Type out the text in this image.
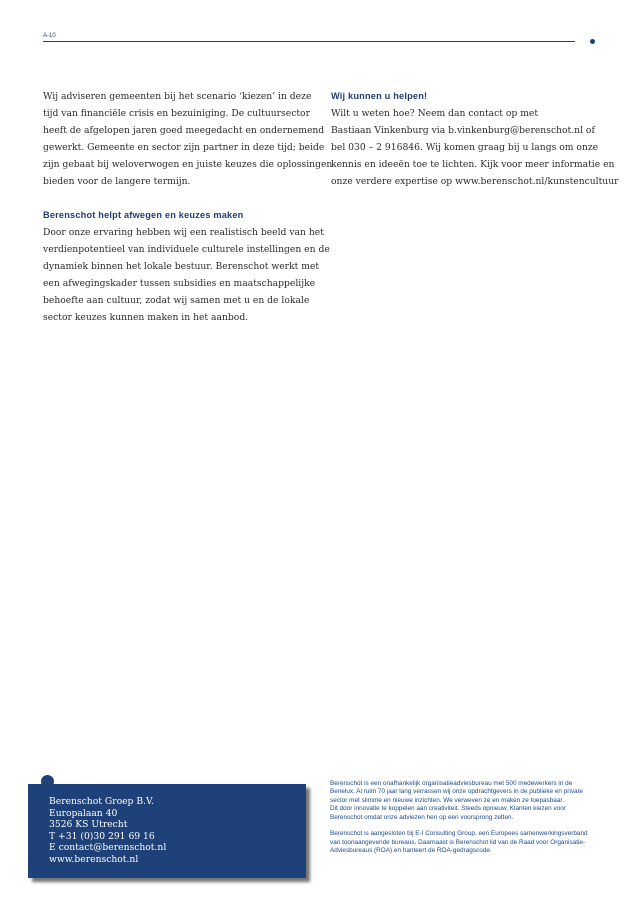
A-10
Wij adviseren gemeenten bij het scenario ‘kiezen’ in deze
tijd van financiële crisis en bezuiniging. De cultuursector
heeft de afgelopen jaren goed meegedacht en ondernemend
gewerkt. Gemeente en sector zijn partner in deze tijd; beide
zijn gebaat bij weloverwogen en juiste keuzes die oplossingen
bieden voor de langere termijn.
Berenschot helpt afwegen en keuzes maken
Door onze ervaring hebben wij een realistisch beeld van het
verdienpotentieel van individuele culturele instellingen en de
dynamiek binnen het lokale bestuur. Berenschot werkt met
een afwegingskader tussen subsidies en maatschappelijke
behoefte aan cultuur, zodat wij samen met u en de lokale
sector keuzes kunnen maken in het aanbod.
Wij kunnen u helpen!
Wilt u weten hoe? Neem dan contact op met
Bastiaan Vinkenburg via b.vinkenburg@berenschot.nl of
bel 030 – 2 916846. Wij komen graag bij u langs om onze
kennis en ideeën toe te lichten. Kijk voor meer informatie en
onze verdere expertise op www.berenschot.nl/kunstencultuur
Berenschot Groep B.V.
Europalaan 40
3526 KS Utrecht
T +31 (0)30 291 69 16
E contact@berenschot.nl
www.berenschot.nl
Berenschot is een onafhankelijk organisatieadviesbureau met 500 medewerkers in de
Benelux. Al ruim 70 jaar lang verrassen wij onze opdrachtgevers in de publieke en private
sector met slimme en nieuwe inzichten. We verweven ze en maken ze toepasbaar.
Dit door innovatie te koppelen aan creativiteit. Steeds opnieuw. Klanten kiezen voor
Berenschot omdat onze adviezen hen op een voorsprong zetten.
Berenschot is aangesloten bij E-I Consulting Group, een Europees samenwerkingsverband
van toonaangevende bureaus. Daarnaast is Berenschot lid van de Raad voor Organisatie-
Adviesbureaus (ROA) en hanteert de ROA-gedragscode.
